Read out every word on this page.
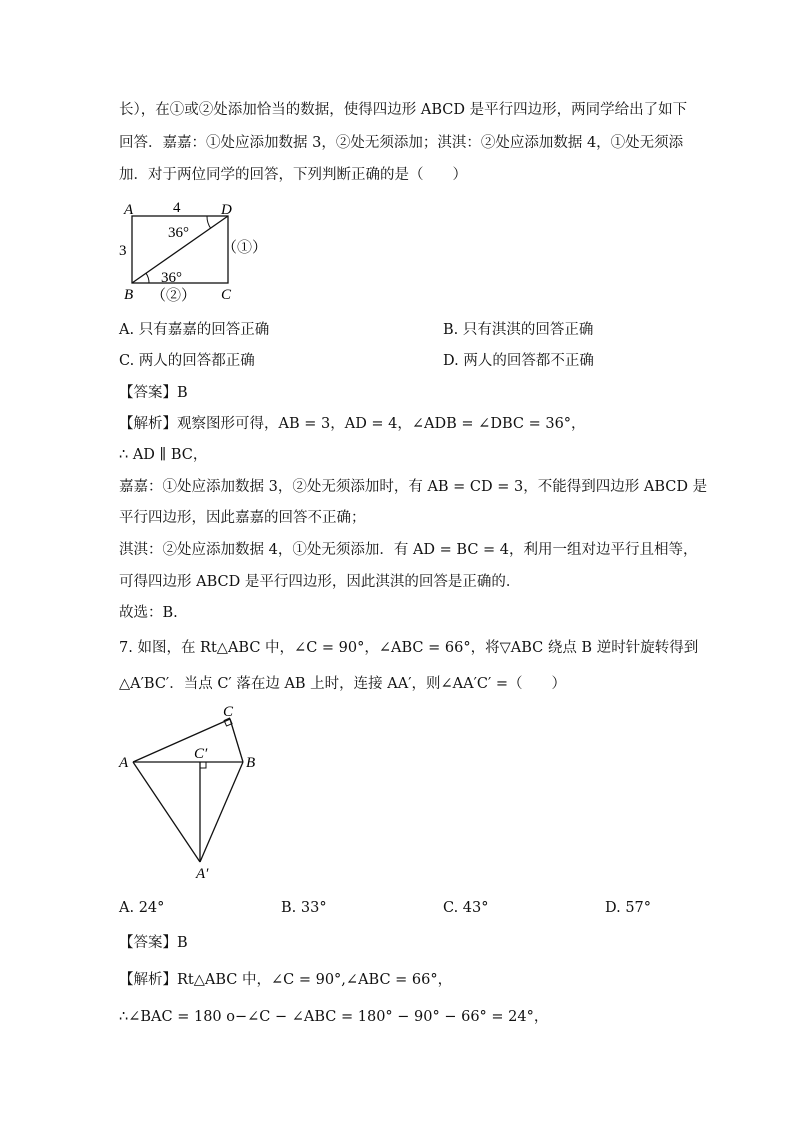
长），在①或②处添加恰当的数据，使得四边形 ABCD 是平行四边形，两同学给出了如下
回答．嘉嘉：①处应添加数据 3，②处无须添加；淇淇：②处应添加数据 4，①处无须添
加．对于两位同学的回答，下列判断正确的是（　　）
A	D
B	C
4
3
36°
36°
（①）
（②）
A. 只有嘉嘉的回答正确	B. 只有淇淇的回答正确
C. 两人的回答都正确	D. 两人的回答都不正确
【答案】B
【解析】观察图形可得，AB = 3，AD = 4，∠ADB = ∠DBC = 36°，
∴ AD ∥ BC，
嘉嘉：①处应添加数据 3，②处无须添加时，有 AB = CD = 3，不能得到四边形 ABCD 是
平行四边形，因此嘉嘉的回答不正确；
淇淇：②处应添加数据 4，①处无须添加．有 AD = BC = 4，利用一组对边平行且相等，
可得四边形 ABCD 是平行四边形，因此淇淇的回答是正确的．
故选：B.
7. 如图，在 Rt△ABC 中，∠C = 90°，∠ABC = 66°，将▽ABC 绕点 B 逆时针旋转得到
△A′BC′．当点 C′ 落在边 AB 上时，连接 AA′，则∠AA′C′ =（　　）
A	B
C
C′
A′
A. 24°	B. 33°	C. 43°	D. 57°
【答案】B
【解析】Rt△ABC 中，∠C = 90°,∠ABC = 66°，
∴∠BAC = 180 o−∠C − ∠ABC = 180° − 90° − 66° = 24°，
